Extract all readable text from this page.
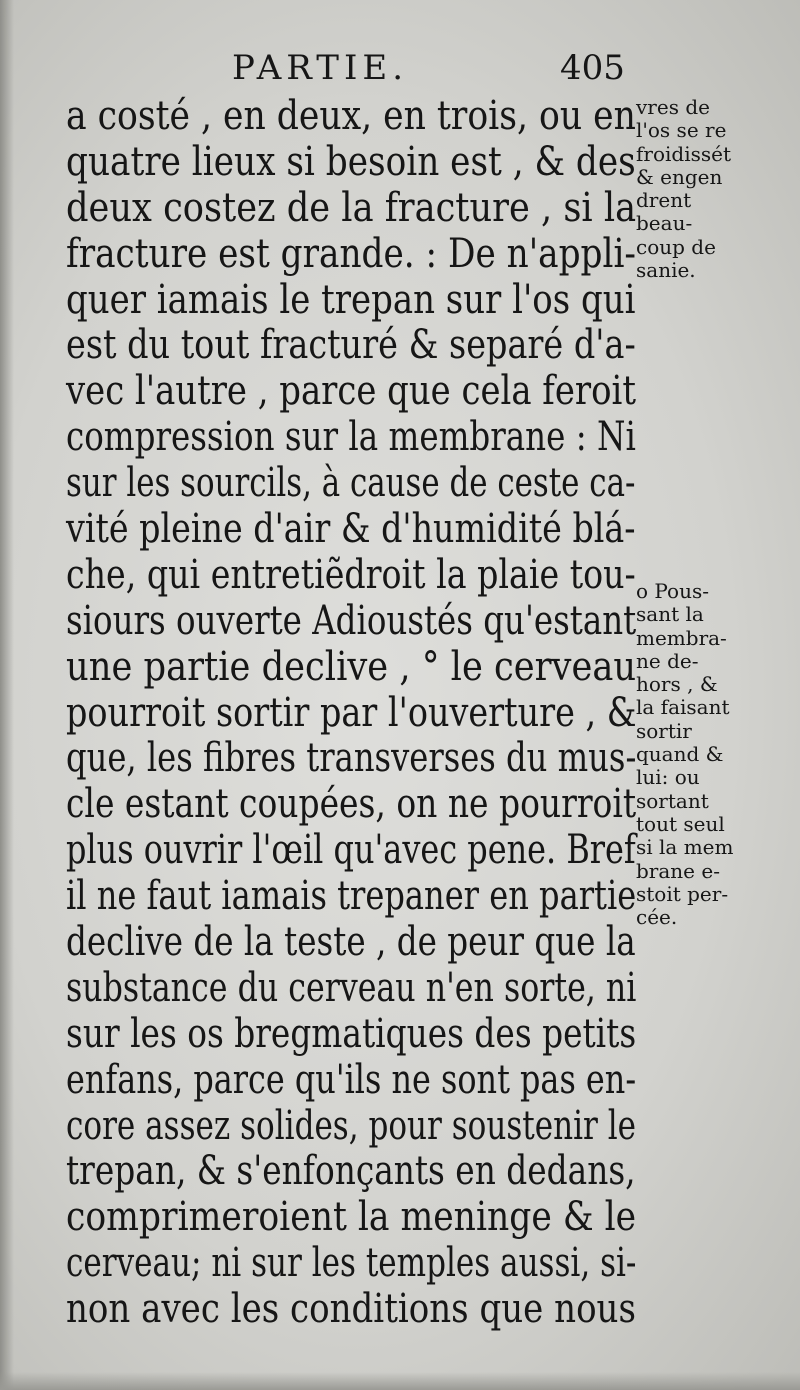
PARTIE.	405
a costé , en deux, en trois, ou en
quatre lieux si besoin est , & des
deux costez de la fracture , si la
fracture est grande. : De n'appli-
quer iamais le trepan sur l'os qui
est du tout fracturé & separé d'a-
vec l'autre , parce que cela feroit
compression sur la membrane : Ni
sur les sourcils, à cause de ceste ca-
vité pleine d'air & d'humidité blá-
che, qui entretiẽdroit la plaie tou-
siours ouverte Adioustés qu'estant
une partie declive , ° le cerveau
pourroit sortir par l'ouverture , &
que, les fibres transverses du mus-
cle estant coupées, on ne pourroit
plus ouvrir l'œil qu'avec pene. Bref
il ne faut iamais trepaner en partie
declive de la teste , de peur que la
substance du cerveau n'en sorte, ni
sur les os bregmatiques des petits
enfans, parce qu'ils ne sont pas en-
core assez solides, pour soustenir le
trepan, & s'enfonçants en dedans,
comprimeroient la meninge & le
cerveau; ni sur les temples aussi, si-
non avec les conditions que nous
vres de
l'os se re
froidissét
& engen
drent
beau-
coup de
sanie.
o Pous-
sant la
membra-
ne de-
hors , &
la faisant
sortir
quand &
lui: ou
sortant
tout seul
si la mem
brane e-
stoit per-
cée.
